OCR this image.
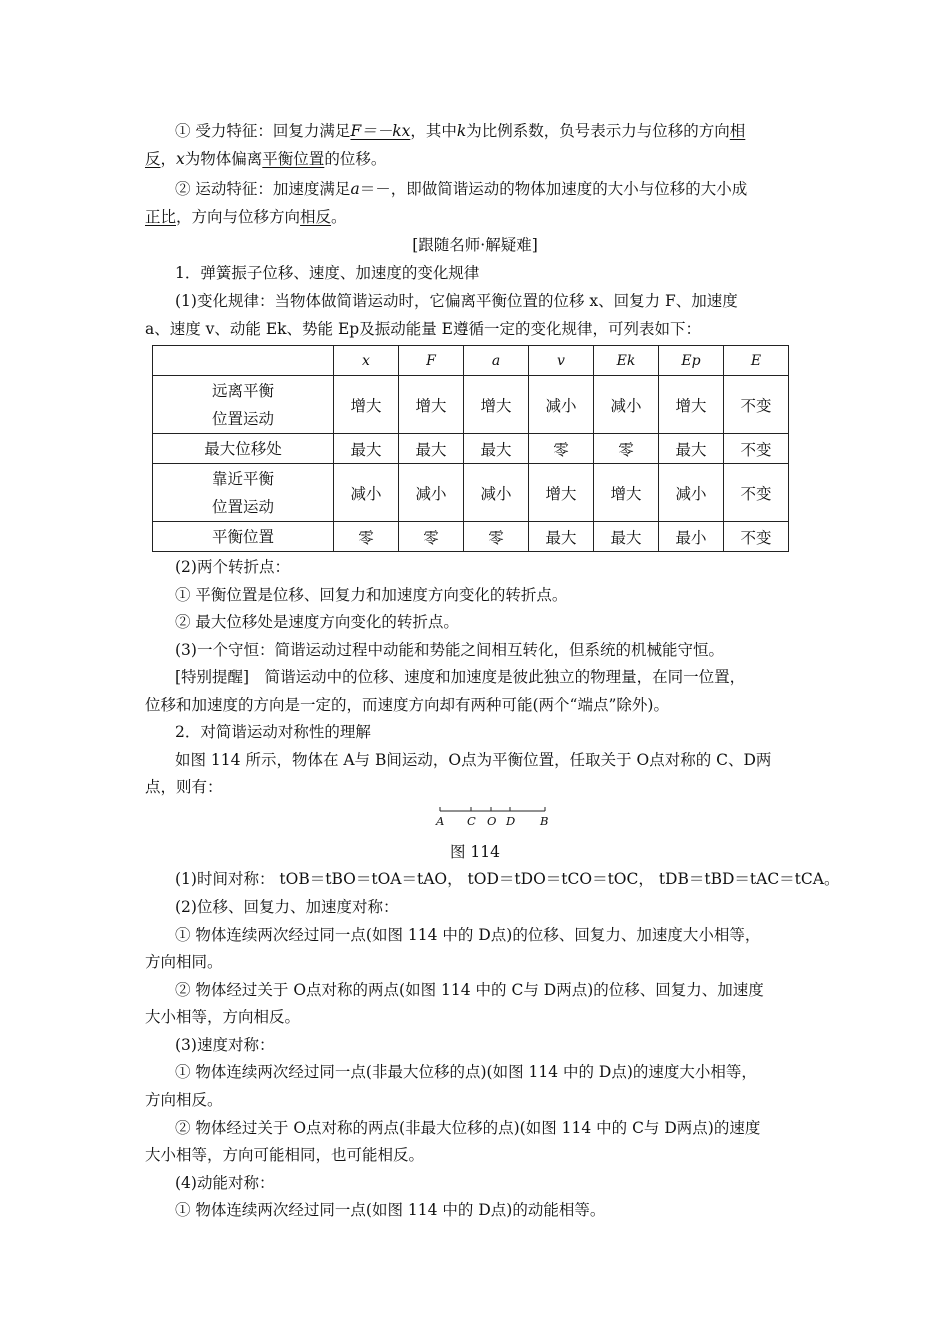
① 受力特征：回复力满足F＝－kx，其中k为比例系数，负号表示力与位移的方向相
反，x为物体偏离平衡位置的位移。
② 运动特征：加速度满足a＝－，即做简谐运动的物体加速度的大小与位移的大小成
正比，方向与位移方向相反。
[跟随名师·解疑难]
1．弹簧振子位移、速度、加速度的变化规律
(1)变化规律：当物体做简谐运动时，它偏离平衡位置的位移 x、回复力 F、加速度
a、速度 v、动能 Ek、势能 Ep及振动能量 E遵循一定的变化规律，可列表如下：
	x	F	a	v	Ek	Ep	E

远离平衡
位置运动	增大	增大	增大	减小	减小	增大	不变

最大位移处	最大	最大	最大	零	零	最大	不变

靠近平衡
位置运动	减小	减小	减小	增大	增大	减小	不变

平衡位置	零	零	零	最大	最大	最小	不变
(2)两个转折点：
① 平衡位置是位移、回复力和加速度方向变化的转折点。
② 最大位移处是速度方向变化的转折点。
(3)一个守恒：简谐运动过程中动能和势能之间相互转化，但系统的机械能守恒。
[特别提醒]　简谐运动中的位移、速度和加速度是彼此独立的物理量，在同一位置，
位移和加速度的方向是一定的，而速度方向却有两种可能(两个“端点”除外)。
2．对简谐运动对称性的理解
如图 114 所示，物体在 A与 B间运动，O点为平衡位置，任取关于 O点对称的 C、D两
点，则有：
A C O D B
图 114
(1)时间对称： tOB＝tBO＝tOA＝tAO， tOD＝tDO＝tCO＝tOC， tDB＝tBD＝tAC＝tCA。
(2)位移、回复力、加速度对称：
① 物体连续两次经过同一点(如图 114 中的 D点)的位移、回复力、加速度大小相等，
方向相同。
② 物体经过关于 O点对称的两点(如图 114 中的 C与 D两点)的位移、回复力、加速度
大小相等，方向相反。
(3)速度对称：
① 物体连续两次经过同一点(非最大位移的点)(如图 114 中的 D点)的速度大小相等，
方向相反。
② 物体经过关于 O点对称的两点(非最大位移的点)(如图 114 中的 C与 D两点)的速度
大小相等，方向可能相同，也可能相反。
(4)动能对称：
① 物体连续两次经过同一点(如图 114 中的 D点)的动能相等。
